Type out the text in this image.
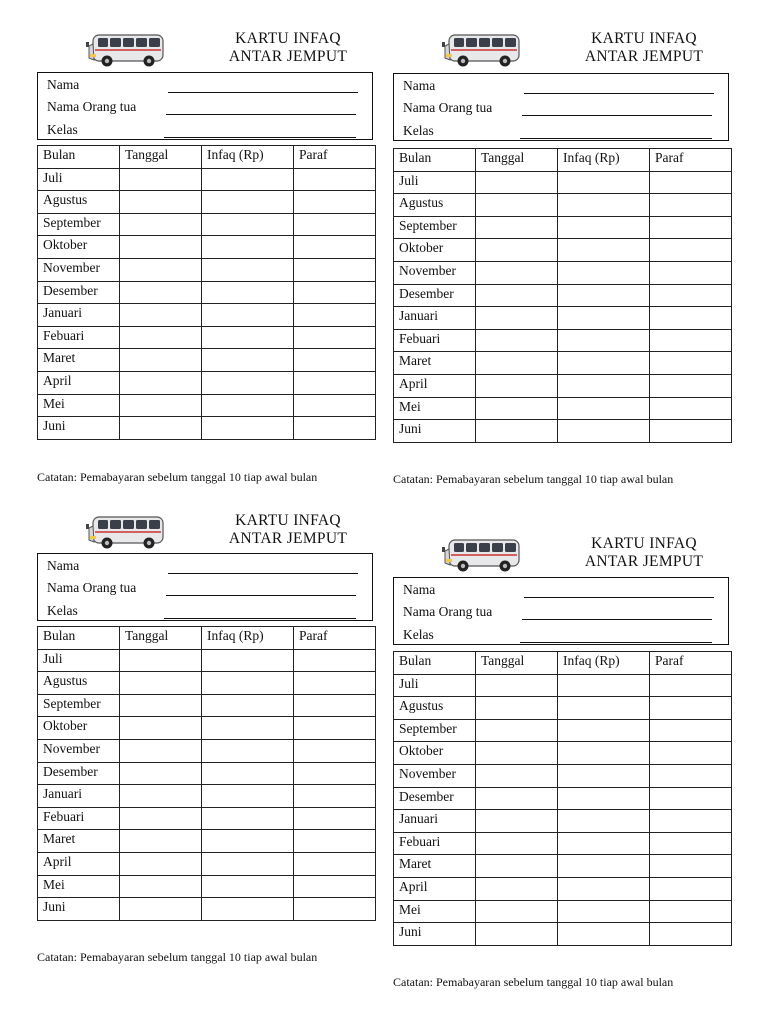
KARTU INFAQ
ANTAR JEMPUT
Nama
Nama Orang tua
Kelas
Bulan	Tanggal	Infaq (Rp)	Paraf
Juli			
Agustus			
September			
Oktober			
November			
Desember			
Januari			
Febuari			
Maret			
April			
Mei			
Juni			
Catatan: Pemabayaran sebelum tanggal 10 tiap awal bulan
KARTU INFAQ
ANTAR JEMPUT
Nama
Nama Orang tua
Kelas
Bulan	Tanggal	Infaq (Rp)	Paraf
Juli			
Agustus			
September			
Oktober			
November			
Desember			
Januari			
Febuari			
Maret			
April			
Mei			
Juni			
Catatan: Pemabayaran sebelum tanggal 10 tiap awal bulan
KARTU INFAQ
ANTAR JEMPUT
Nama
Nama Orang tua
Kelas
Bulan	Tanggal	Infaq (Rp)	Paraf
Juli			
Agustus			
September			
Oktober			
November			
Desember			
Januari			
Febuari			
Maret			
April			
Mei			
Juni			
Catatan: Pemabayaran sebelum tanggal 10 tiap awal bulan
KARTU INFAQ
ANTAR JEMPUT
Nama
Nama Orang tua
Kelas
Bulan	Tanggal	Infaq (Rp)	Paraf
Juli			
Agustus			
September			
Oktober			
November			
Desember			
Januari			
Febuari			
Maret			
April			
Mei			
Juni			
Catatan: Pemabayaran sebelum tanggal 10 tiap awal bulan
